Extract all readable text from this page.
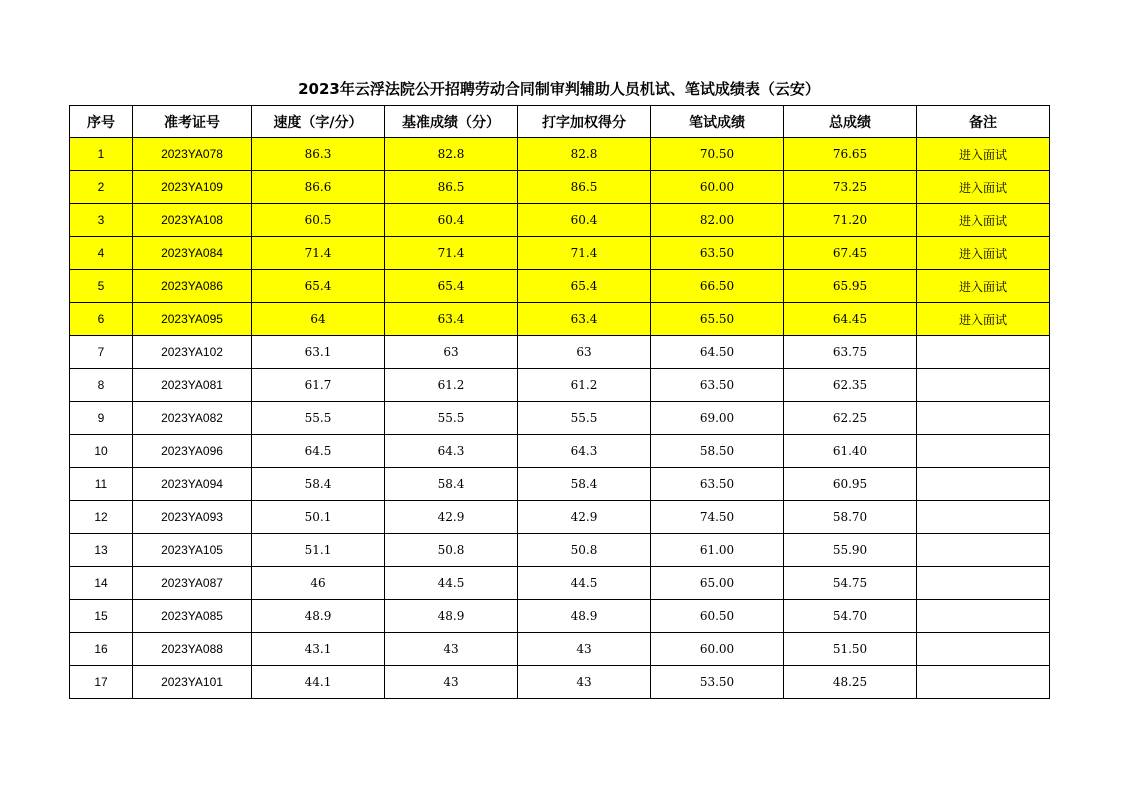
2023年云浮法院公开招聘劳动合同制审判辅助人员机试、笔试成绩表（云安）
序号	准考证号	速度（字/分）	基准成绩（分）	打字加权得分	笔试成绩	总成绩	备注
1	2023YA078	86.3	82.8	82.8	70.50	76.65	进入面试
2	2023YA109	86.6	86.5	86.5	60.00	73.25	进入面试
3	2023YA108	60.5	60.4	60.4	82.00	71.20	进入面试
4	2023YA084	71.4	71.4	71.4	63.50	67.45	进入面试
5	2023YA086	65.4	65.4	65.4	66.50	65.95	进入面试
6	2023YA095	64	63.4	63.4	65.50	64.45	进入面试
7	2023YA102	63.1	63	63	64.50	63.75	
8	2023YA081	61.7	61.2	61.2	63.50	62.35	
9	2023YA082	55.5	55.5	55.5	69.00	62.25	
10	2023YA096	64.5	64.3	64.3	58.50	61.40	
11	2023YA094	58.4	58.4	58.4	63.50	60.95	
12	2023YA093	50.1	42.9	42.9	74.50	58.70	
13	2023YA105	51.1	50.8	50.8	61.00	55.90	
14	2023YA087	46	44.5	44.5	65.00	54.75	
15	2023YA085	48.9	48.9	48.9	60.50	54.70	
16	2023YA088	43.1	43	43	60.00	51.50	
17	2023YA101	44.1	43	43	53.50	48.25	
